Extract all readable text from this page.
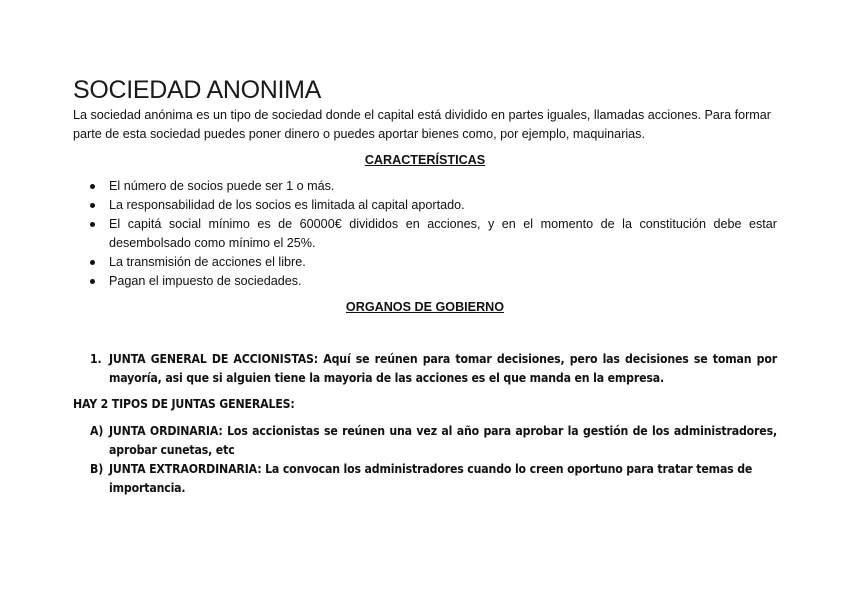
SOCIEDAD ANONIMA

La sociedad anónima es un tipo de sociedad donde el capital está dividido en partes iguales, llamadas acciones. Para formar parte de esta sociedad puedes poner dinero o puedes aportar bienes como, por ejemplo, maquinarias.

CARACTERÍSTICAS
El número de socios puede ser 1 o más.
La responsabilidad de los socios es limitada al capital aportado.
El capitá social mínimo es de 60000€ divididos en acciones, y en el momento de la constitución debe estar desembolsado como mínimo el 25%.
La transmisión de acciones el libre.
Pagan el impuesto de sociedades.
ORGANOS DE GOBIERNO
1. JUNTA GENERAL DE ACCIONISTAS: Aquí se reúnen para tomar decisiones, pero las decisiones se toman por mayoría, asi que si alguien tiene la mayoria de las acciones es el que manda en la empresa.
HAY 2 TIPOS DE JUNTAS GENERALES:
A) JUNTA ORDINARIA: Los accionistas se reúnen una vez al año para aprobar la gestión de los administradores, aprobar cunetas, etc
B) JUNTA EXTRAORDINARIA: La convocan los administradores cuando lo creen oportuno para tratar temas de importancia.
